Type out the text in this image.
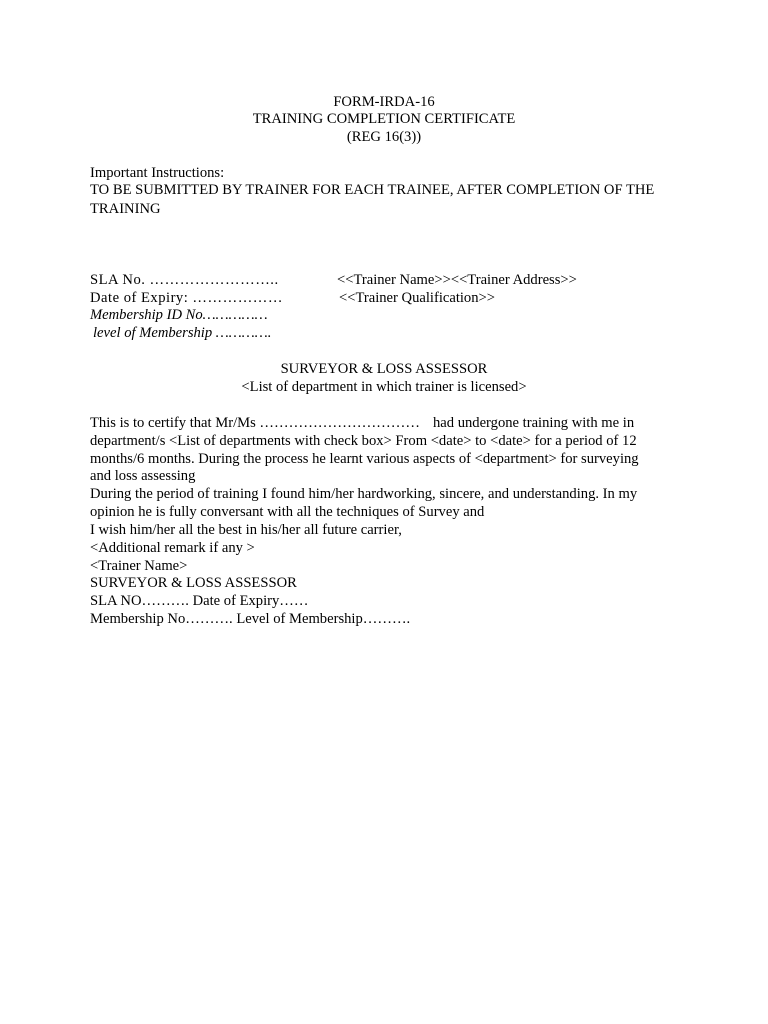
FORM-IRDA-16
TRAINING COMPLETION CERTIFICATE
(REG 16(3))
Important Instructions:
TO BE SUBMITTED BY TRAINER FOR EACH TRAINEE, AFTER COMPLETION OF THE
TRAINING
SLA No. ……………………..	<<Trainer Name>><<Trainer Address>>
Date of Expiry: ………………	<<Trainer Qualification>>
Membership ID No……………
level of Membership ………….
SURVEYOR & LOSS ASSESSOR
<List of department in which trainer is licensed>
This is to certify that Mr/Ms …………………………… had undergone training with me in
department/s <List of departments with check box> From <date> to <date> for a period of 12
months/6 months. During the process he learnt various aspects of <department> for surveying
and loss assessing
During the period of training I found him/her hardworking, sincere, and understanding. In my
opinion he is fully conversant with all the techniques of Survey and
I wish him/her all the best in his/her all future carrier,
<Additional remark if any >
<Trainer Name>
SURVEYOR & LOSS ASSESSOR
SLA NO………. Date of Expiry……
Membership No………. Level of Membership……….
